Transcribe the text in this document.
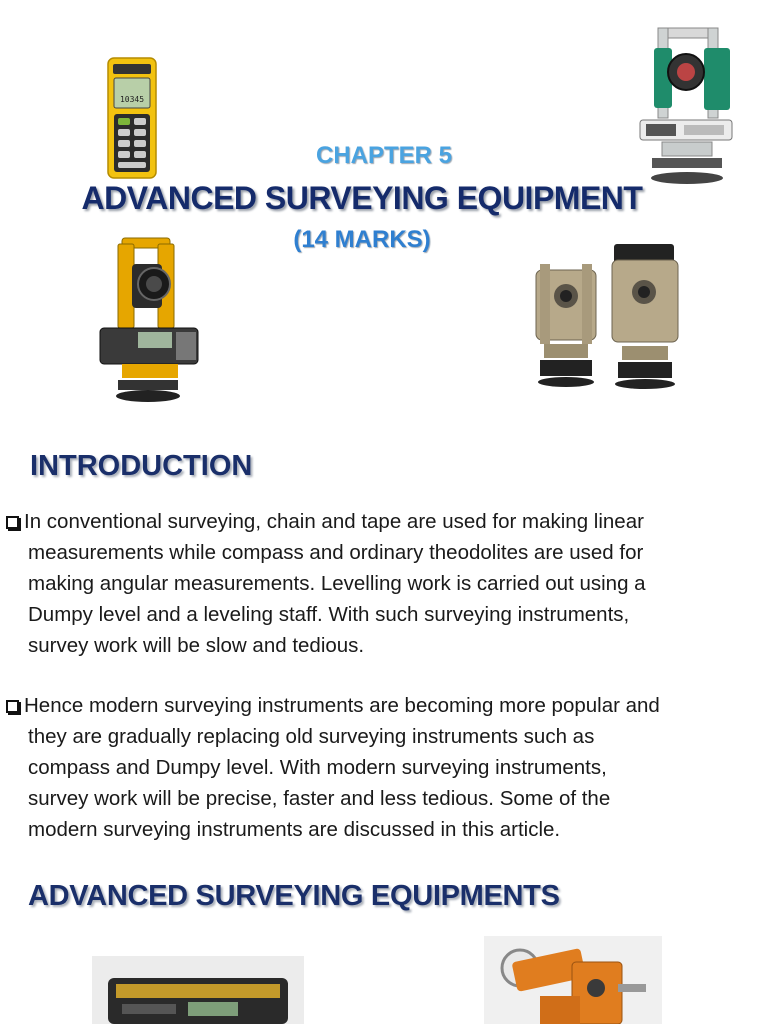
10345
CHAPTER 5
ADVANCED SURVEYING EQUIPMENT
(14 MARKS)
INTRODUCTION
In conventional surveying, chain and tape are used for making linear
measurements while compass and ordinary theodolites are used for
making angular measurements. Levelling work is carried out using a
Dumpy level and a leveling staff. With such surveying instruments,
survey work will be slow and tedious.
Hence modern surveying instruments are becoming more popular and
they are gradually replacing old surveying instruments such as
compass and Dumpy level. With modern surveying instruments,
survey work will be precise, faster and less tedious. Some of the
modern surveying instruments are discussed in this article.
ADVANCED SURVEYING EQUIPMENTS
